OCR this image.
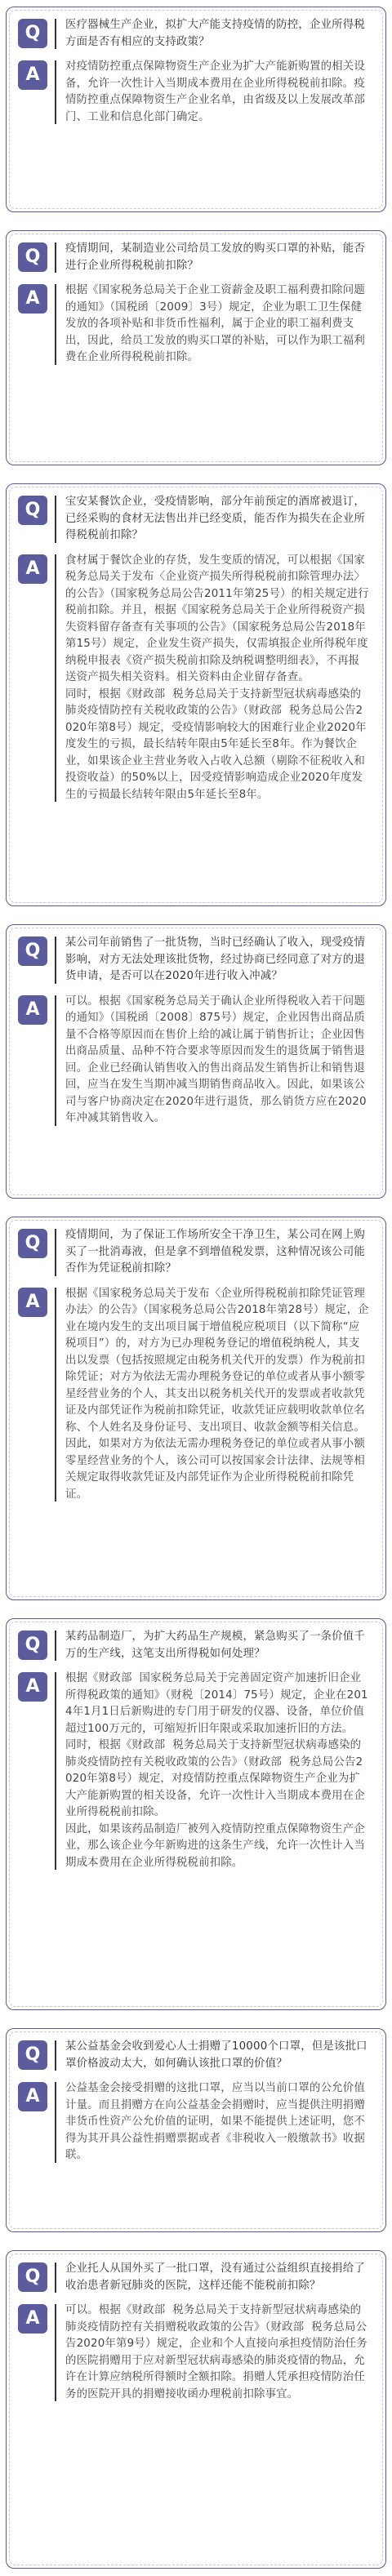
Q	医疗器械生产企业，拟扩大产能支持疫情的防控，企业所得税方面是否有相应的支持政策？
A	对疫情防控重点保障物资生产企业为扩大产能新购置的相关设备，允许一次性计入当期成本费用在企业所得税税前扣除。疫情防控重点保障物资生产企业名单，由省级及以上发展改革部门、工业和信息化部门确定。
Q	疫情期间，某制造业公司给员工发放的购买口罩的补贴，能否进行企业所得税税前扣除？
A	根据《国家税务总局关于企业工资薪金及职工福利费扣除问题的通知》（国税函〔2009〕3号）规定，企业为职工卫生保健发放的各项补贴和非货币性福利，属于企业的职工福利费支出，因此，给员工发放的购买口罩的补贴，可以作为职工福利费在企业所得税税前扣除。
Q	宝安某餐饮企业，受疫情影响，部分年前预定的酒席被退订，已经采购的食材无法售出并已经变质，能否作为损失在企业所得税税前扣除？
A	食材属于餐饮企业的存货，发生变质的情况，可以根据《国家税务总局关于发布〈企业资产损失所得税税前扣除管理办法〉的公告》（国家税务总局公告2011年第25号）的相关规定进行税前扣除。并且，根据《国家税务总局关于企业所得税资产损失资料留存备查有关事项的公告》（国家税务总局公告2018年第15号）规定，企业发生资产损失，仅需填报企业所得税年度纳税申报表《资产损失税前扣除及纳税调整明细表》，不再报送资产损失相关资料。相关资料由企业留存备查。
同时，根据《财政部  税务总局关于支持新型冠状病毒感染的肺炎疫情防控有关税收政策的公告》（财政部  税务总局公告2020年第8号）规定，受疫情影响较大的困难行业企业2020年度发生的亏损，最长结转年限由5年延长至8年。作为餐饮企业，如果该企业主营业务收入占收入总额（剔除不征税收入和投资收益）的50%以上，因受疫情影响造成企业2020年度发生的亏损最长结转年限由5年延长至8年。
Q	某公司年前销售了一批货物，当时已经确认了收入，现受疫情影响，对方无法处理该批货物，经过协商已经同意了对方的退货申请，是否可以在2020年进行收入冲减？
A	可以。根据《国家税务总局关于确认企业所得税收入若干问题的通知》（国税函〔2008〕875号）规定，企业因售出商品质量不合格等原因而在售价上给的减让属于销售折让；企业因售出商品质量、品种不符合要求等原因而发生的退货属于销售退回。企业已经确认销售收入的售出商品发生销售折让和销售退回，应当在发生当期冲减当期销售商品收入。因此，如果该公司与客户协商决定在2020年进行退货，那么销货方应在2020年冲减其销售收入。
Q	疫情期间，为了保证工作场所安全干净卫生，某公司在网上购买了一批消毒液，但是拿不到增值税发票，这种情况该公司能否作为凭证税前扣除？
A	根据《国家税务总局关于发布〈企业所得税税前扣除凭证管理办法〉的公告》（国家税务总局公告2018年第28号）规定，企业在境内发生的支出项目属于增值税应税项目（以下简称“应税项目”）的，对方为已办理税务登记的增值税纳税人，其支出以发票（包括按照规定由税务机关代开的发票）作为税前扣除凭证；对方为依法无需办理税务登记的单位或者从事小额零星经营业务的个人，其支出以税务机关代开的发票或者收款凭证及内部凭证作为税前扣除凭证，收款凭证应载明收款单位名称、个人姓名及身份证号、支出项目、收款金额等相关信息。
因此，如果对方为依法无需办理税务登记的单位或者从事小额零星经营业务的个人，该公司可以按国家会计法律、法规等相关规定取得收款凭证及内部凭证作为企业所得税税前扣除凭证。
Q	某药品制造厂，为扩大药品生产规模，紧急购买了一条价值千万的生产线，这笔支出所得税如何处理？
A	根据《财政部  国家税务总局关于完善固定资产加速折旧企业所得税政策的通知》（财税〔2014〕75号）规定，企业在2014年1月1日后新购进的专门用于研发的仪器、设备，单位价值超过100万元的，可缩短折旧年限或采取加速折旧的方法。
同时，根据《财政部  税务总局关于支持新型冠状病毒感染的肺炎疫情防控有关税收政策的公告》（财政部  税务总局公告2020年第8号）规定，对疫情防控重点保障物资生产企业为扩大产能新购置的相关设备，允许一次性计入当期成本费用在企业所得税税前扣除。
因此，如果该药品制造厂被列入疫情防控重点保障物资生产企业，那么该企业今年新购进的这条生产线，允许一次性计入当期成本费用在企业所得税税前扣除。
Q	某公益基金会收到爱心人士捐赠了10000个口罩，但是该批口罩价格波动太大，如何确认该批口罩的价值？
A	公益基金会接受捐赠的这批口罩，应当以当前口罩的公允价值计量。而且捐赠方在向公益基金会捐赠时，应当提供注明捐赠非货币性资产公允价值的证明，如果不能提供上述证明，您不得为其开具公益性捐赠票据或者《非税收入一般缴款书》收据联。
Q	企业托人从国外买了一批口罩，没有通过公益组织直接捐给了收治患者新冠肺炎的医院，这样还能不能税前扣除？
A	可以。根据《财政部  税务总局关于支持新型冠状病毒感染的肺炎疫情防控有关捐赠税收政策的公告》（财政部  税务总局公告2020年第9号）规定，企业和个人直接向承担疫情防治任务的医院捐赠用于应对新型冠状病毒感染的肺炎疫情的物品，允许在计算应纳税所得额时全额扣除。捐赠人凭承担疫情防治任务的医院开具的捐赠接收函办理税前扣除事宜。
